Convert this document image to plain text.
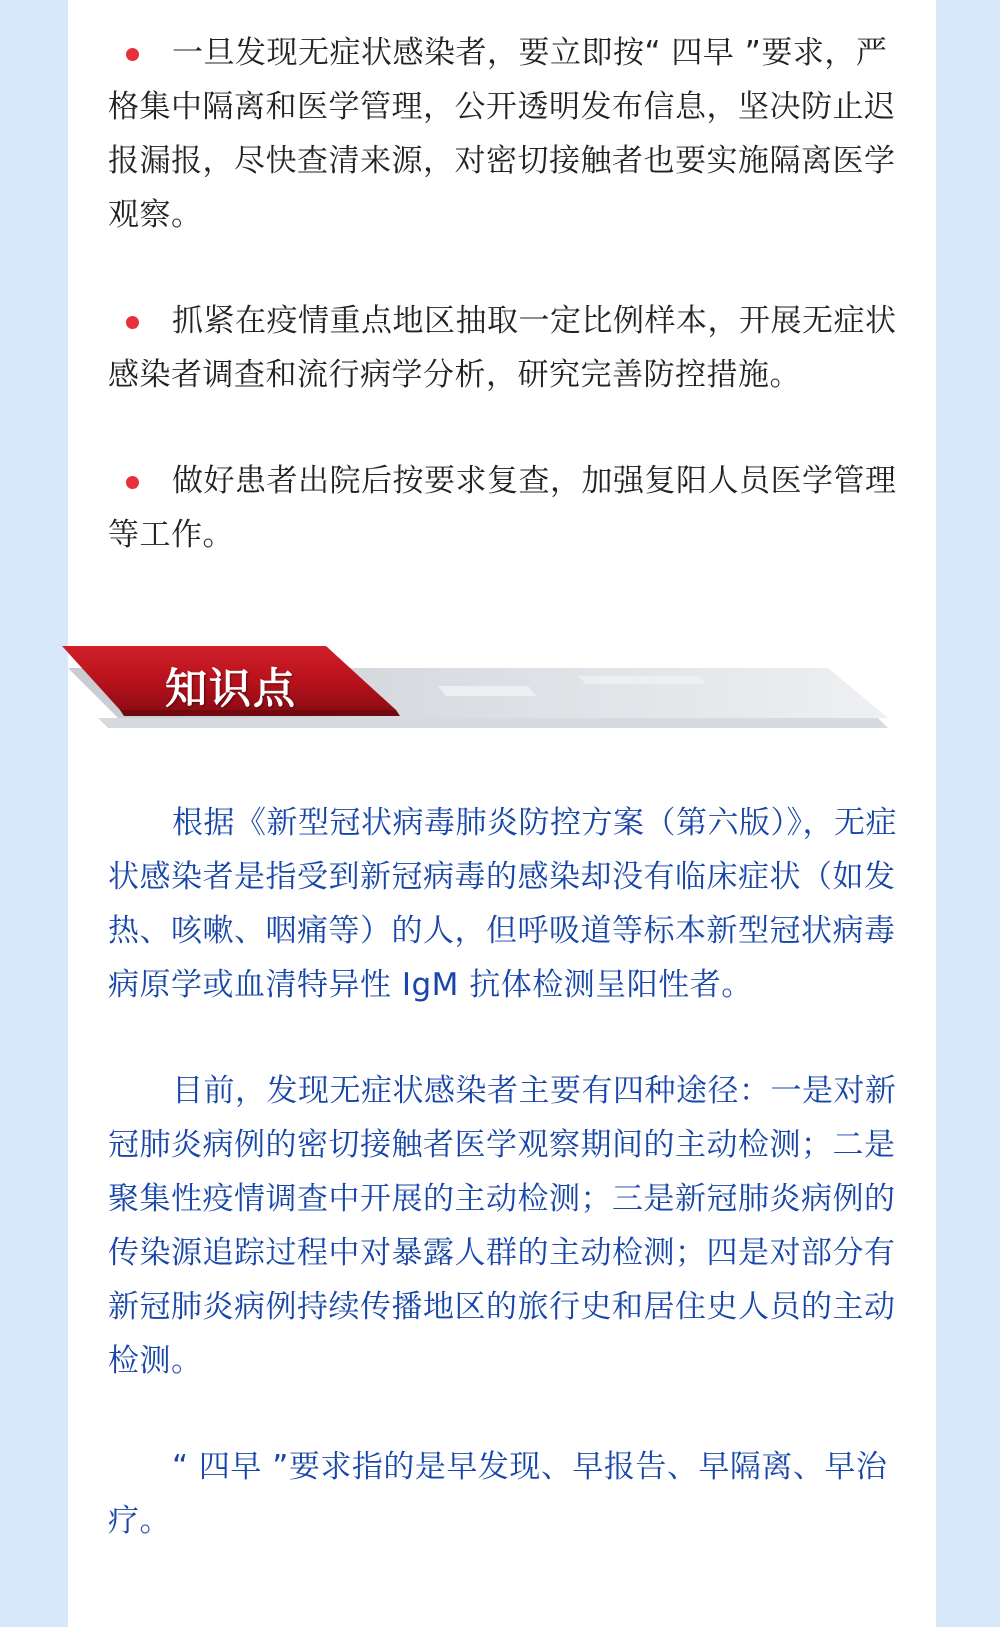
一旦发现无症状感染者，要立即按“ 四早 ”要求，严格集中隔离和医学管理，公开透明发布信息，坚决防止迟报漏报，尽快查清来源，对密切接触者也要实施隔离医学观察。

抓紧在疫情重点地区抽取一定比例样本，开展无症状感染者调查和流行病学分析，研究完善防控措施。

做好患者出院后按要求复查，加强复阳人员医学管理等工作。

知识点

根据《新型冠状病毒肺炎防控方案（第六版）》，无症状感染者是指受到新冠病毒的感染却没有临床症状（如发热、咳嗽、咽痛等）的人，但呼吸道等标本新型冠状病毒病原学或血清特异性 IgM 抗体检测呈阳性者。

目前，发现无症状感染者主要有四种途径：一是对新冠肺炎病例的密切接触者医学观察期间的主动检测；二是聚集性疫情调查中开展的主动检测；三是新冠肺炎病例的传染源追踪过程中对暴露人群的主动检测；四是对部分有新冠肺炎病例持续传播地区的旅行史和居住史人员的主动检测。

“ 四早 ”要求指的是早发现、早报告、早隔离、早治疗。
